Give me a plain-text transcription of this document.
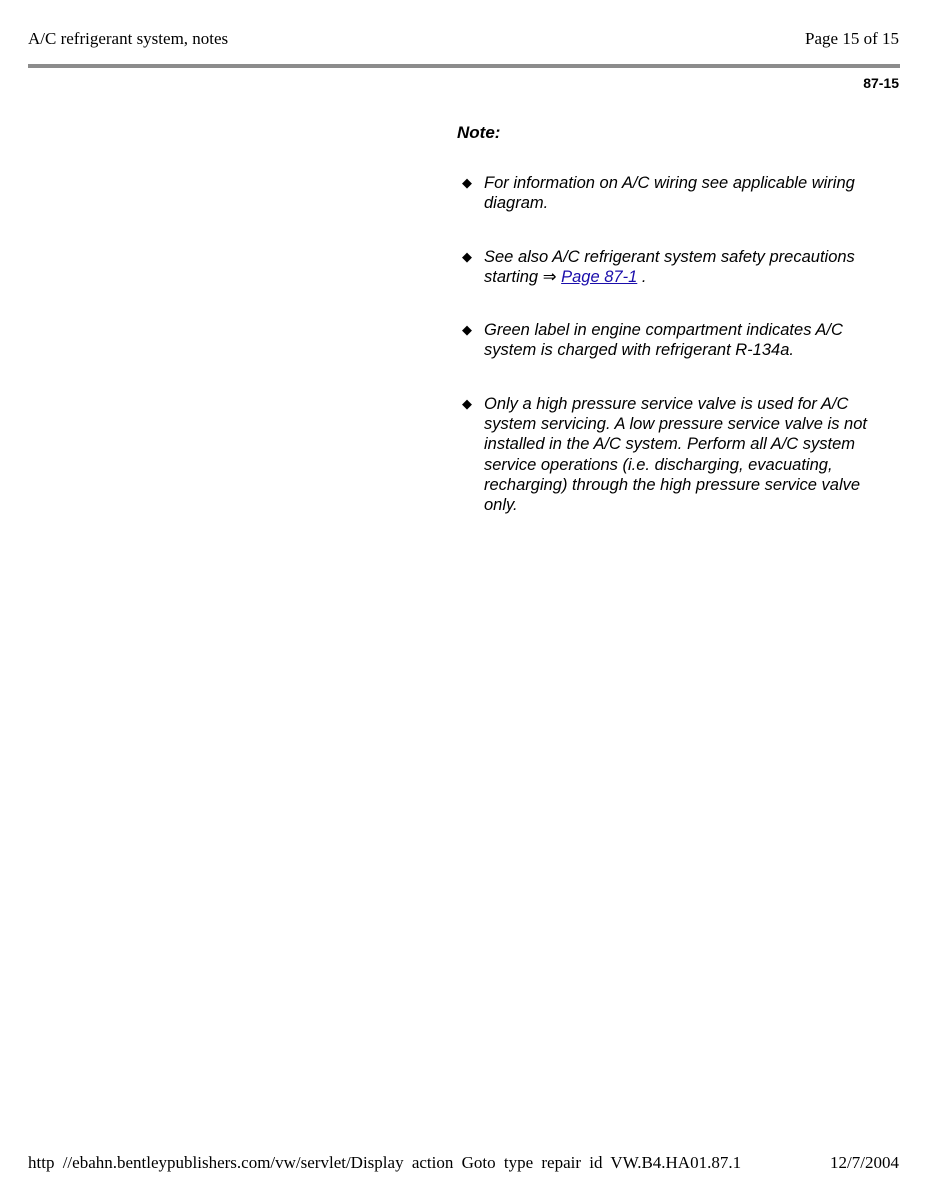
A/C refrigerant system, notes	Page 15 of 15
87-15
Note:
◆ For information on A/C wiring see applicable wiring diagram.
◆ See also A/C refrigerant system safety precautions starting ⇒ Page 87-1 .
◆ Green label in engine compartment indicates A/C system is charged with refrigerant R-134a.
◆ Only a high pressure service valve is used for A/C system servicing. A low pressure service valve is not installed in the A/C system. Perform all A/C system service operations (i.e. discharging, evacuating, recharging) through the high pressure service valve only.
http //ebahn.bentleypublishers.com/vw/servlet/Display action Goto type repair id VW.B4.HA01.87.1	12/7/2004
